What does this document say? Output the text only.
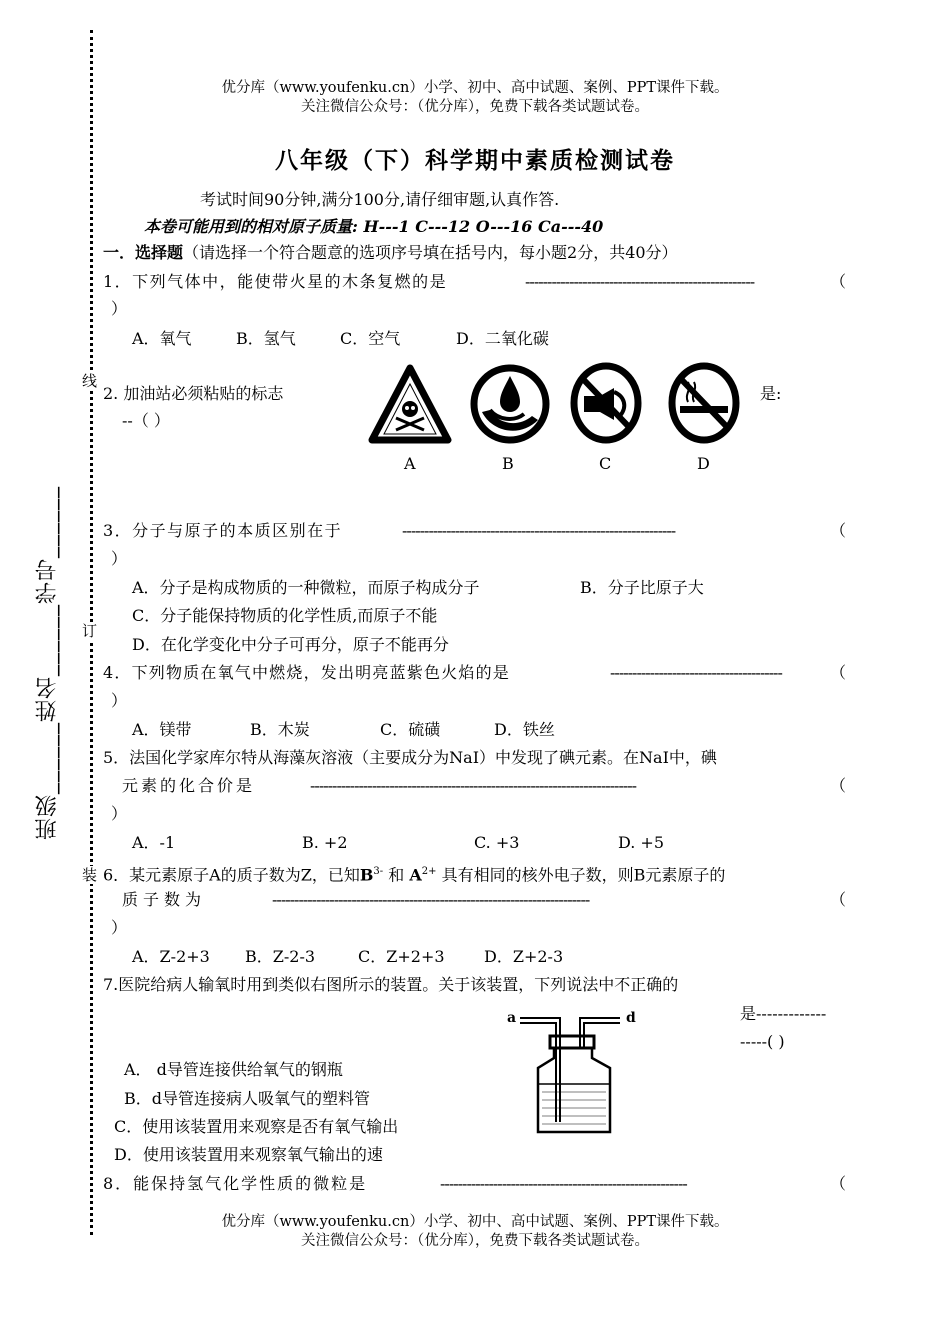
优分库（www.youfenku.cn）小学、初中、高中试题、案例、PPT课件下载。
关注微信公众号：（优分库），免费下载各类试题试卷。
线
订
装
班级______姓名______学号______
八年级（下）科学期中素质检测试卷
考试时间90分钟,满分100分,请仔细审题,认真作答.
本卷可能用到的相对原子质量: H---1 C---12 O---16 Ca---40
一．选择题（请选择一个符合题意的选项序号填在括号内，每小题2分，共40分）
1．下列气体中，能使带火星的木条复燃的是	----------------------------------------------------	（
）
A．氧气	B．氢气	C．空气	D．二氧化碳
2. 加油站必须粘贴的标志
--（ ）
是:
A	B	C	D
3．分子与原子的本质区别在于	--------------------------------------------------------------	（
）
A．分子是构成物质的一种微粒，而原子构成分子	B．分子比原子大
C．分子能保持物质的化学性质,而原子不能
D．在化学变化中分子可再分，原子不能再分
4．下列物质在氧气中燃烧，发出明亮蓝紫色火焰的是	---------------------------------------	（
）
A．镁带	B．木炭	C．硫磺	D．铁丝
5．法国化学家库尔特从海藻灰溶液（主要成分为NaI）中发现了碘元素。在NaI中，碘
元素的化合价是	--------------------------------------------------------------------------	（
）
A．-1	B. +2	C. +3	D. +5
6．某元素原子A的质子数为Z，已知$B^{3-}$ 和 $A^{2+}$ 具有相同的核外电子数，则B元素原子的
质子数为	------------------------------------------------------------------------	（
）
A．Z-2+3 B．Z-2-3	C．Z+2+3 D．Z+2-3
7.医院给病人输氧时用到类似右图所示的装置。关于该装置，下列说法中不正确的
是-------------
-----( )
a	d
A． d导管连接供给氧气的钢瓶
B．d导管连接病人吸氧气的塑料管
C．使用该装置用来观察是否有氧气输出
D．使用该装置用来观察氧气输出的速
8．能保持氢气化学性质的微粒是	--------------------------------------------------------	（
优分库（www.youfenku.cn）小学、初中、高中试题、案例、PPT课件下载。
关注微信公众号：（优分库），免费下载各类试题试卷。
